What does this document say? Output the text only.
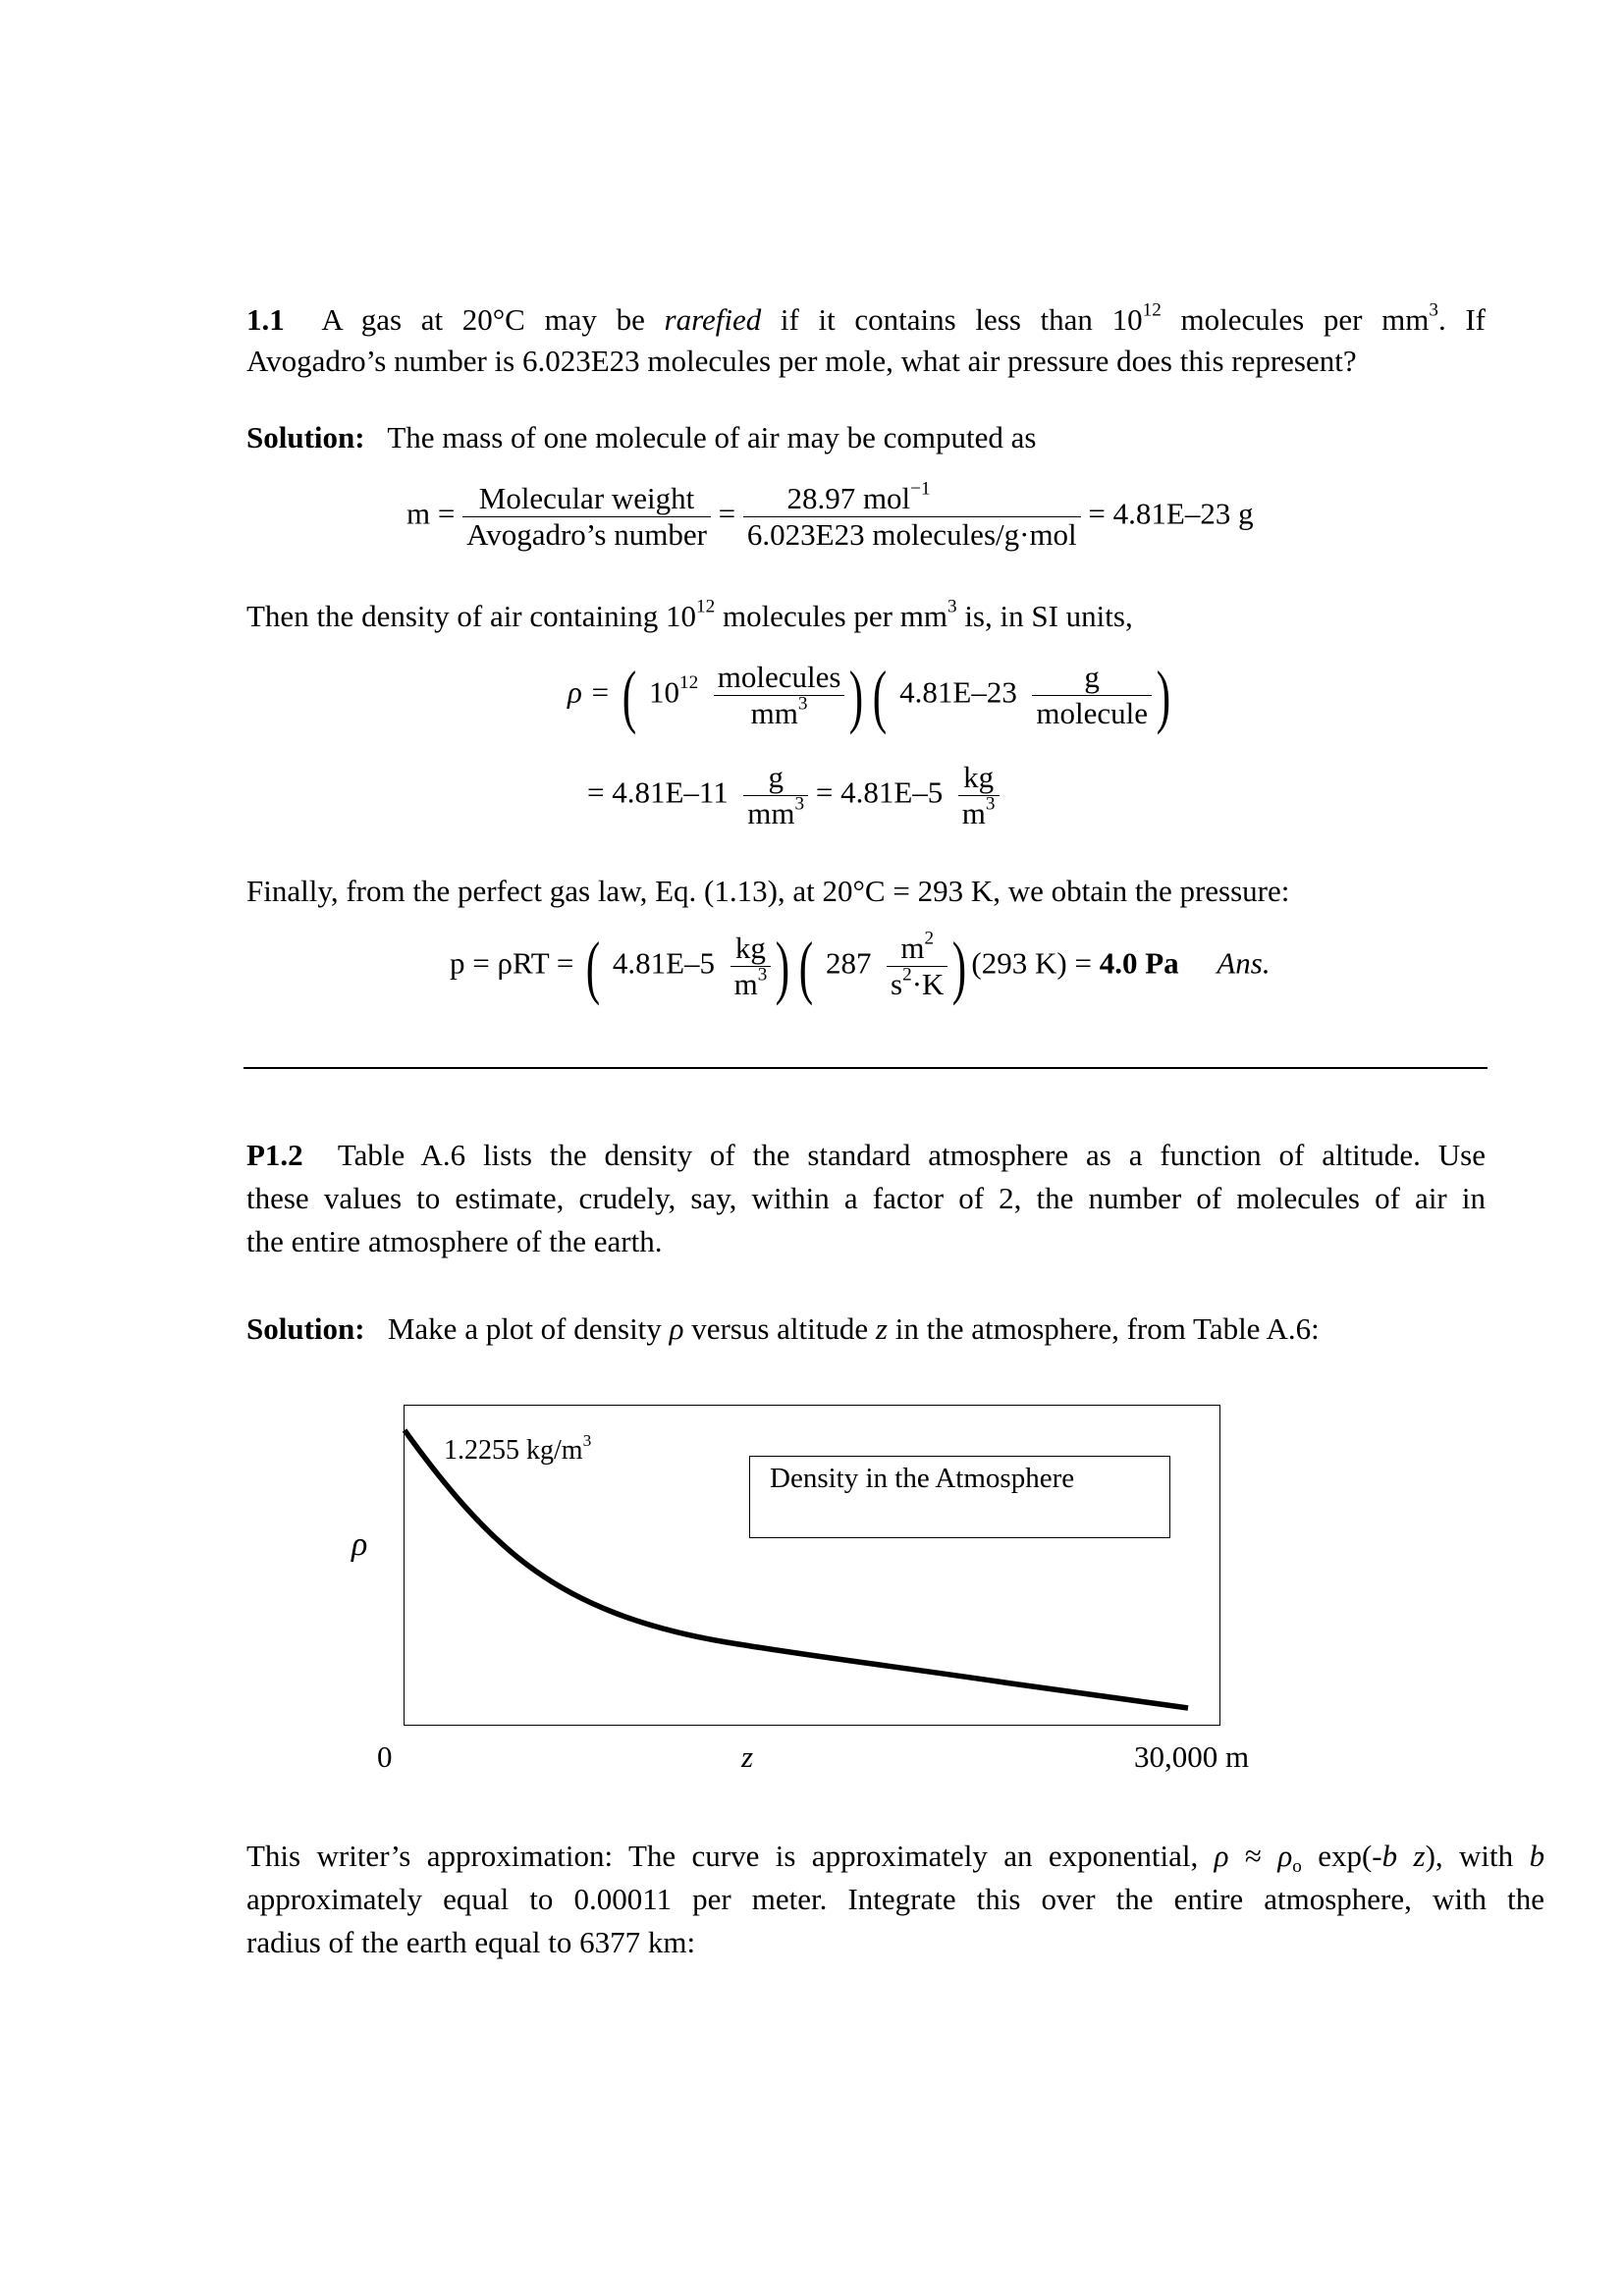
1.1 A gas at 20°C may be rarefied if it contains less than $10^{12}$ molecules per $mm^3$. If
Avogadro’s number is 6.023E23 molecules per mole, what air pressure does this represent?
Solution: The mass of one molecule of air may be computed as
$m = \frac{\text{Molecular weight}}{\text{Avogadro’s number}} = \frac{28.97 mol^{-1}}{\text{6.023E23 molecules/g·mol}} = 4.81E-23$ g
Then the density of air containing $10^{12}$ molecules per $mm^3$ is, in SI units,
ρ = ( $10^{12} \frac{\text{molecules}}{mm^3}$ ) ( $4.81E-23 \frac{g}{\text{molecule}}$ )
= $4.81E-11 \frac{g}{mm^3} = 4.81E-5 \frac{kg}{m^3}$
Finally, from the perfect gas law, Eq. (1.13), at 20°C = 293 K, we obtain the pressure:
p = ρRT = ( $4.81E-5 \frac{kg}{m^3}$ ) ( $287 \frac{m^2}{s^2\cdot K}$ ) (293 K) = 4.0 Pa Ans.
P1.2 Table A.6 lists the density of the standard atmosphere as a function of altitude. Use
these values to estimate, crudely, say, within a factor of 2, the number of molecules of air in
the entire atmosphere of the earth.
Solution: Make a plot of density ρ versus altitude z in the atmosphere, from Table A.6:
1.2255 $kg/m^3$
Density in the Atmosphere
ρ
0	z	30,000 m
This writer’s approximation: The curve is approximately an exponential, $\rho \approx \rho_o$ exp(-b z), with b
approximately equal to 0.00011 per meter. Integrate this over the entire atmosphere, with the
radius of the earth equal to 6377 km:
